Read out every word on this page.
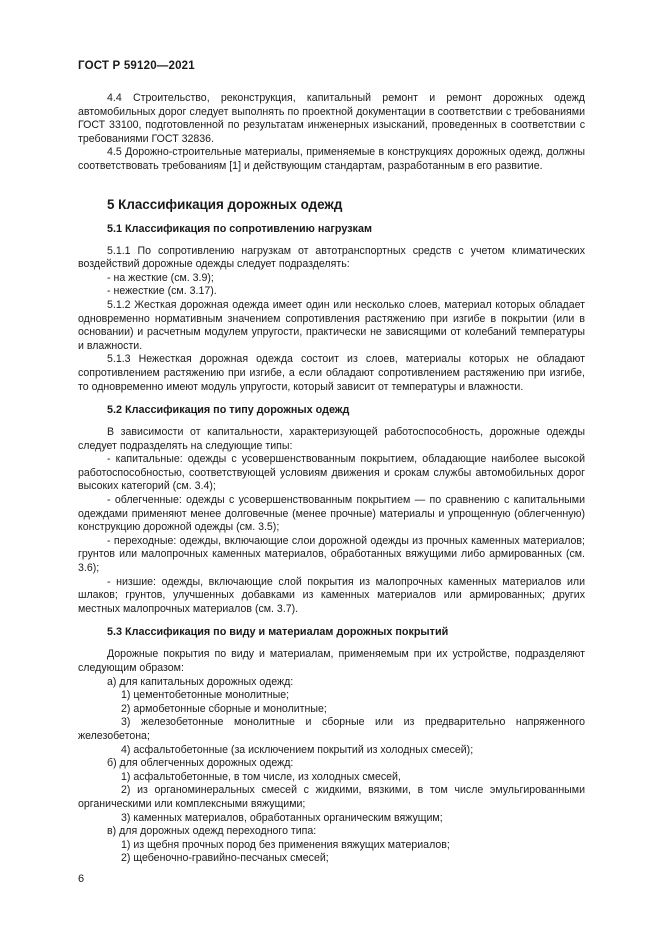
ГОСТ Р 59120—2021

4.4 Строительство, реконструкция, капитальный ремонт и ремонт дорожных одежд автомобильных дорог следует выполнять по проектной документации в соответствии с требованиями ГОСТ 33100, подготовленной по результатам инженерных изысканий, проведенных в соответствии с требованиями ГОСТ 32836.

4.5 Дорожно-строительные материалы, применяемые в конструкциях дорожных одежд, должны соответствовать требованиям [1] и действующим стандартам, разработанным в его развитие.

5 Классификация дорожных одежд
5.1 Классификация по сопротивлению нагрузкам

5.1.1 По сопротивлению нагрузкам от автотранспортных средств с учетом климатических воздействий дорожные одежды следует подразделять:

- на жесткие (см. 3.9);

- нежесткие (см. 3.17).

5.1.2 Жесткая дорожная одежда имеет один или несколько слоев, материал которых обладает одновременно нормативным значением сопротивления растяжению при изгибе в покрытии (или в основании) и расчетным модулем упругости, практически не зависящими от колебаний температуры и влажности.

5.1.3 Нежесткая дорожная одежда состоит из слоев, материалы которых не обладают сопротивлением растяжению при изгибе, а если обладают сопротивлением растяжению при изгибе, то одновременно имеют модуль упругости, который зависит от температуры и влажности.

5.2 Классификация по типу дорожных одежд

В зависимости от капитальности, характеризующей работоспособность, дорожные одежды следует подразделять на следующие типы:

- капитальные: одежды с усовершенствованным покрытием, обладающие наиболее высокой работоспособностью, соответствующей условиям движения и срокам службы автомобильных дорог высоких категорий (см. 3.4);

- облегченные: одежды с усовершенствованным покрытием — по сравнению с капитальными одеждами применяют менее долговечные (менее прочные) материалы и упрощенную (облегченную) конструкцию дорожной одежды (см. 3.5);

- переходные: одежды, включающие слои дорожной одежды из прочных каменных материалов; грунтов или малопрочных каменных материалов, обработанных вяжущими либо армированных (см. 3.6);

- низшие: одежды, включающие слой покрытия из малопрочных каменных материалов или шлаков; грунтов, улучшенных добавками из каменных материалов или армированных; других местных малопрочных материалов (см. 3.7).

5.3 Классификация по виду и материалам дорожных покрытий

Дорожные покрытия по виду и материалам, применяемым при их устройстве, подразделяют следующим образом:

а) для капитальных дорожных одежд:

1) цементобетонные монолитные;

2) армобетонные сборные и монолитные;

3) железобетонные монолитные и сборные или из предварительно напряженного железобетона;

4) асфальтобетонные (за исключением покрытий из холодных смесей);

б) для облегченных дорожных одежд:

1) асфальтобетонные, в том числе, из холодных смесей,

2) из органоминеральных смесей с жидкими, вязкими, в том числе эмульгированными органическими или комплексными вяжущими;

3) каменных материалов, обработанных органическим вяжущим;

в) для дорожных одежд переходного типа:

1) из щебня прочных пород без применения вяжущих материалов;

2) щебеночно-гравийно-песчаных смесей;

6
